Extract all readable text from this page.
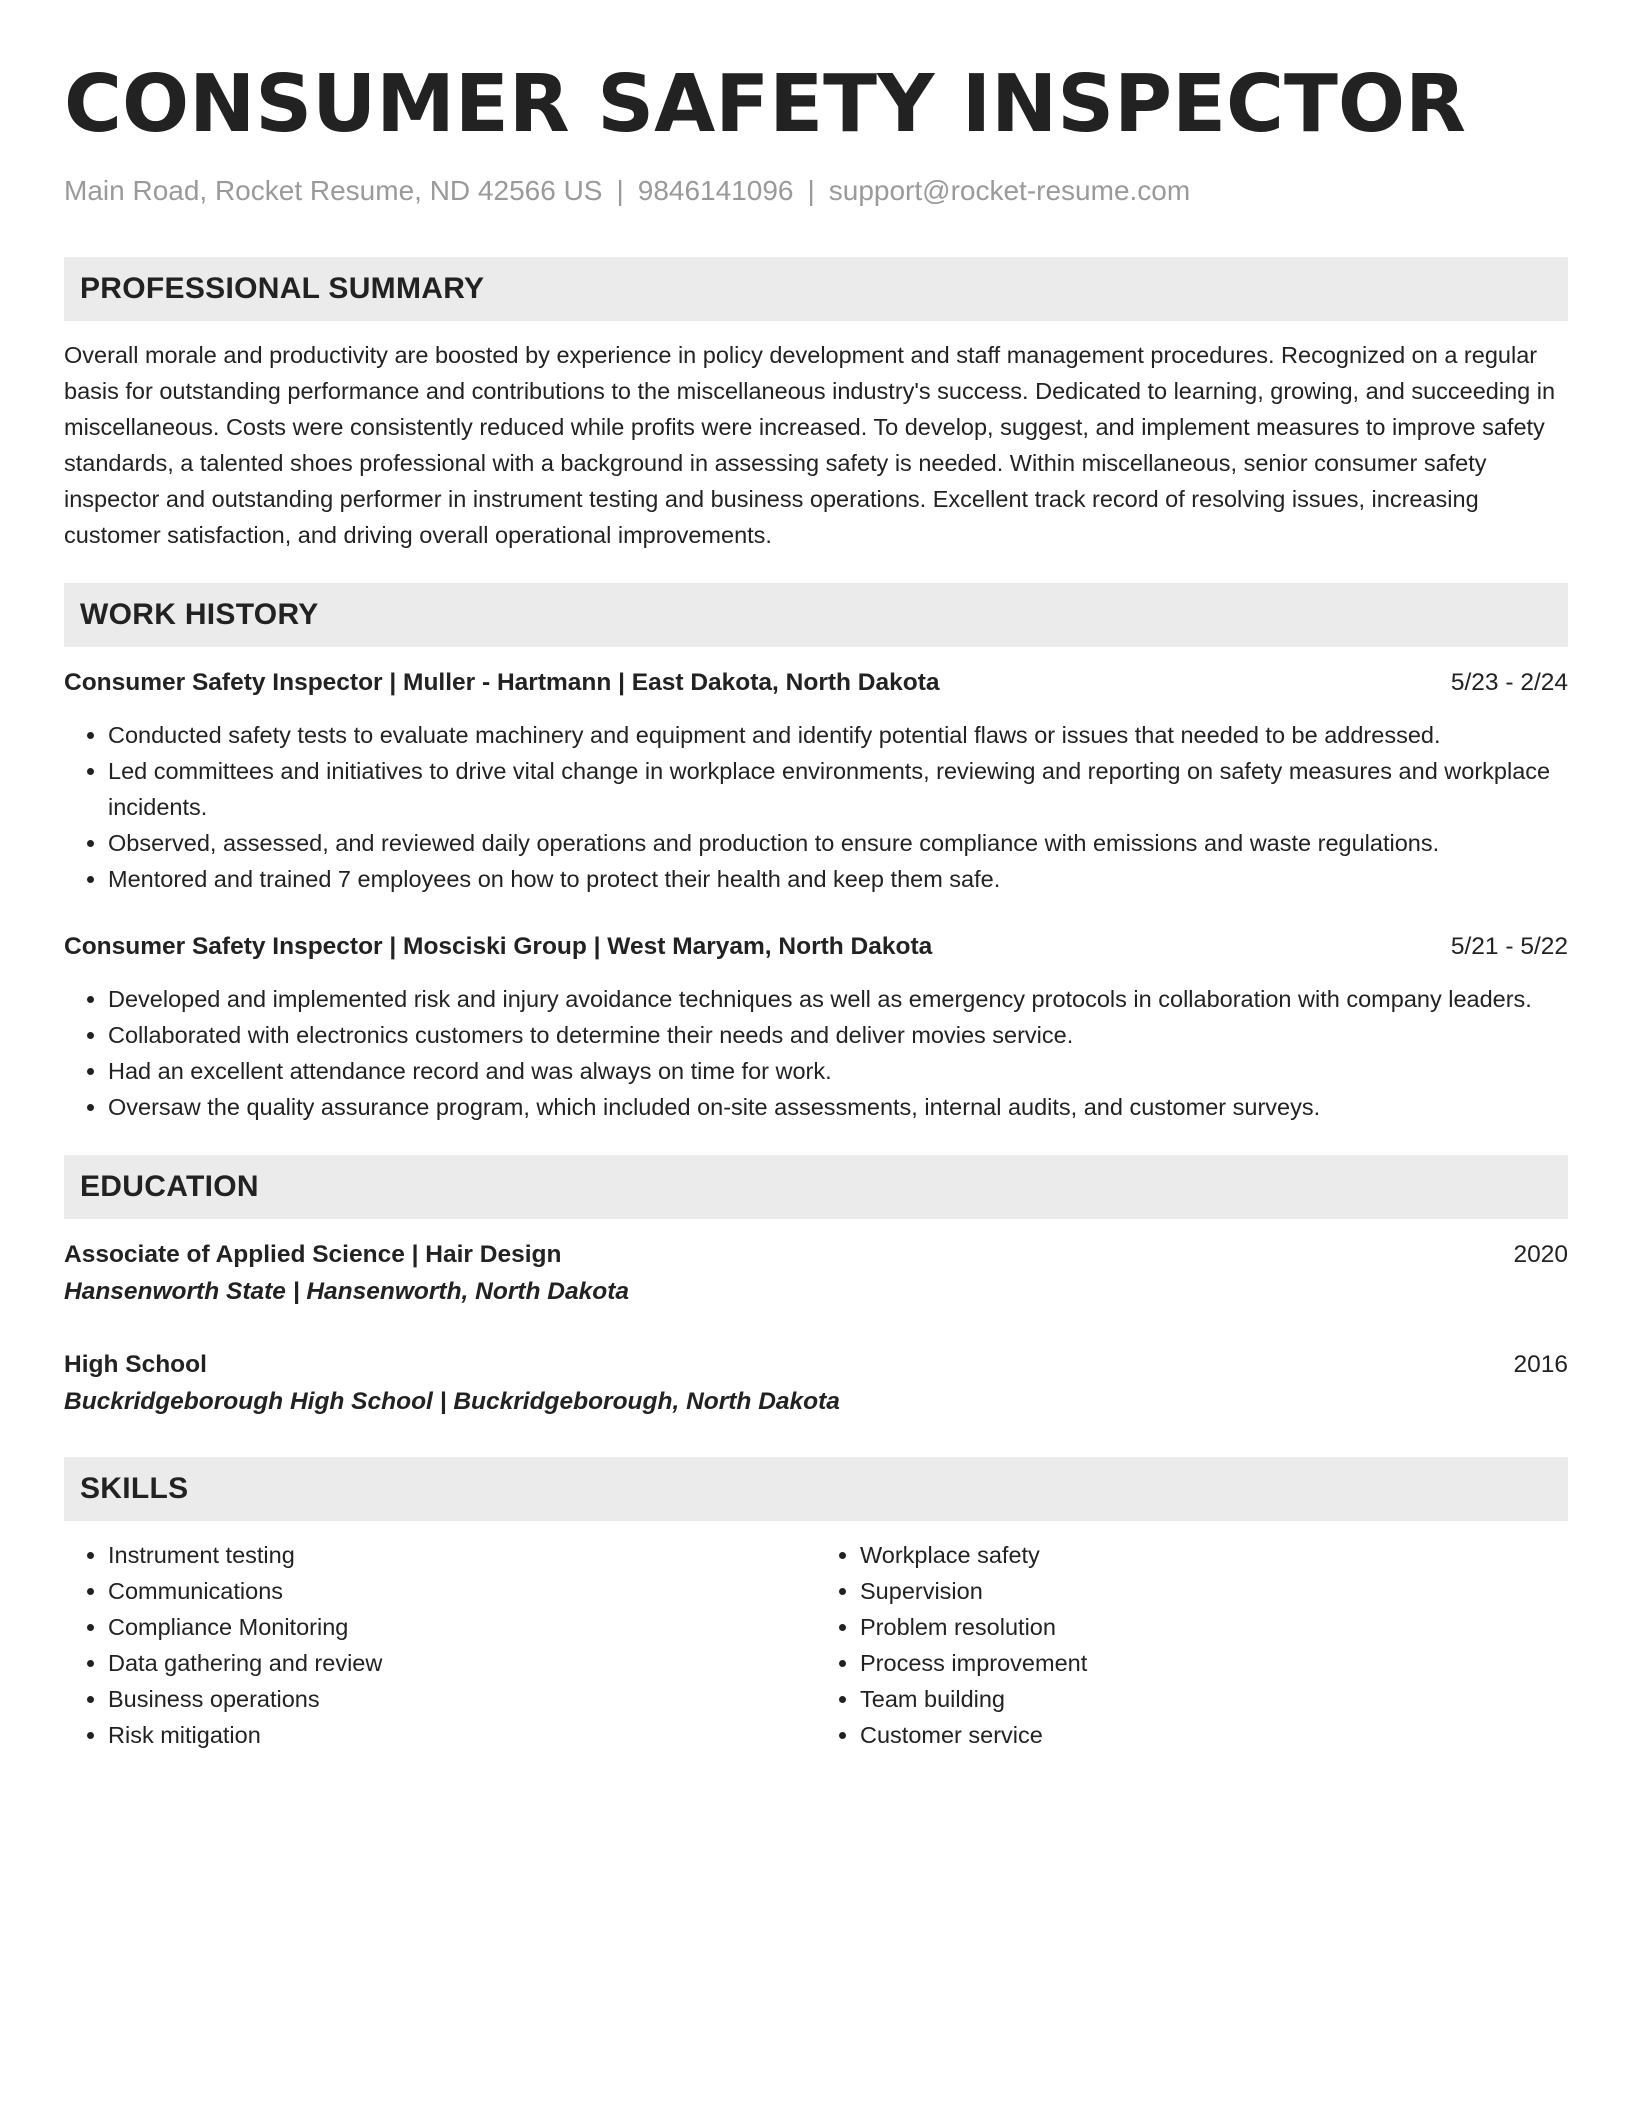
CONSUMER SAFETY INSPECTOR
Main Road, Rocket Resume, ND 42566 US | 9846141096 | support@rocket-resume.com
PROFESSIONAL SUMMARY
Overall morale and productivity are boosted by experience in policy development and staff management procedures. Recognized on a regular basis for outstanding performance and contributions to the miscellaneous industry's success. Dedicated to learning, growing, and succeeding in miscellaneous. Costs were consistently reduced while profits were increased. To develop, suggest, and implement measures to improve safety standards, a talented shoes professional with a background in assessing safety is needed. Within miscellaneous, senior consumer safety inspector and outstanding performer in instrument testing and business operations. Excellent track record of resolving issues, increasing customer satisfaction, and driving overall operational improvements.
WORK HISTORY
Consumer Safety Inspector | Muller - Hartmann | East Dakota, North Dakota	5/23 - 2/24
• Conducted safety tests to evaluate machinery and equipment and identify potential flaws or issues that needed to be addressed.
• Led committees and initiatives to drive vital change in workplace environments, reviewing and reporting on safety measures and workplace incidents.
• Observed, assessed, and reviewed daily operations and production to ensure compliance with emissions and waste regulations.
• Mentored and trained 7 employees on how to protect their health and keep them safe.
Consumer Safety Inspector | Mosciski Group | West Maryam, North Dakota	5/21 - 5/22
• Developed and implemented risk and injury avoidance techniques as well as emergency protocols in collaboration with company leaders.
• Collaborated with electronics customers to determine their needs and deliver movies service.
• Had an excellent attendance record and was always on time for work.
• Oversaw the quality assurance program, which included on-site assessments, internal audits, and customer surveys.
EDUCATION
Associate of Applied Science | Hair Design	2020
Hansenworth State | Hansenworth, North Dakota
High School	2016
Buckridgeborough High School | Buckridgeborough, North Dakota
SKILLS
• Instrument testing
• Communications
• Compliance Monitoring
• Data gathering and review
• Business operations
• Risk mitigation
• Workplace safety
• Supervision
• Problem resolution
• Process improvement
• Team building
• Customer service
